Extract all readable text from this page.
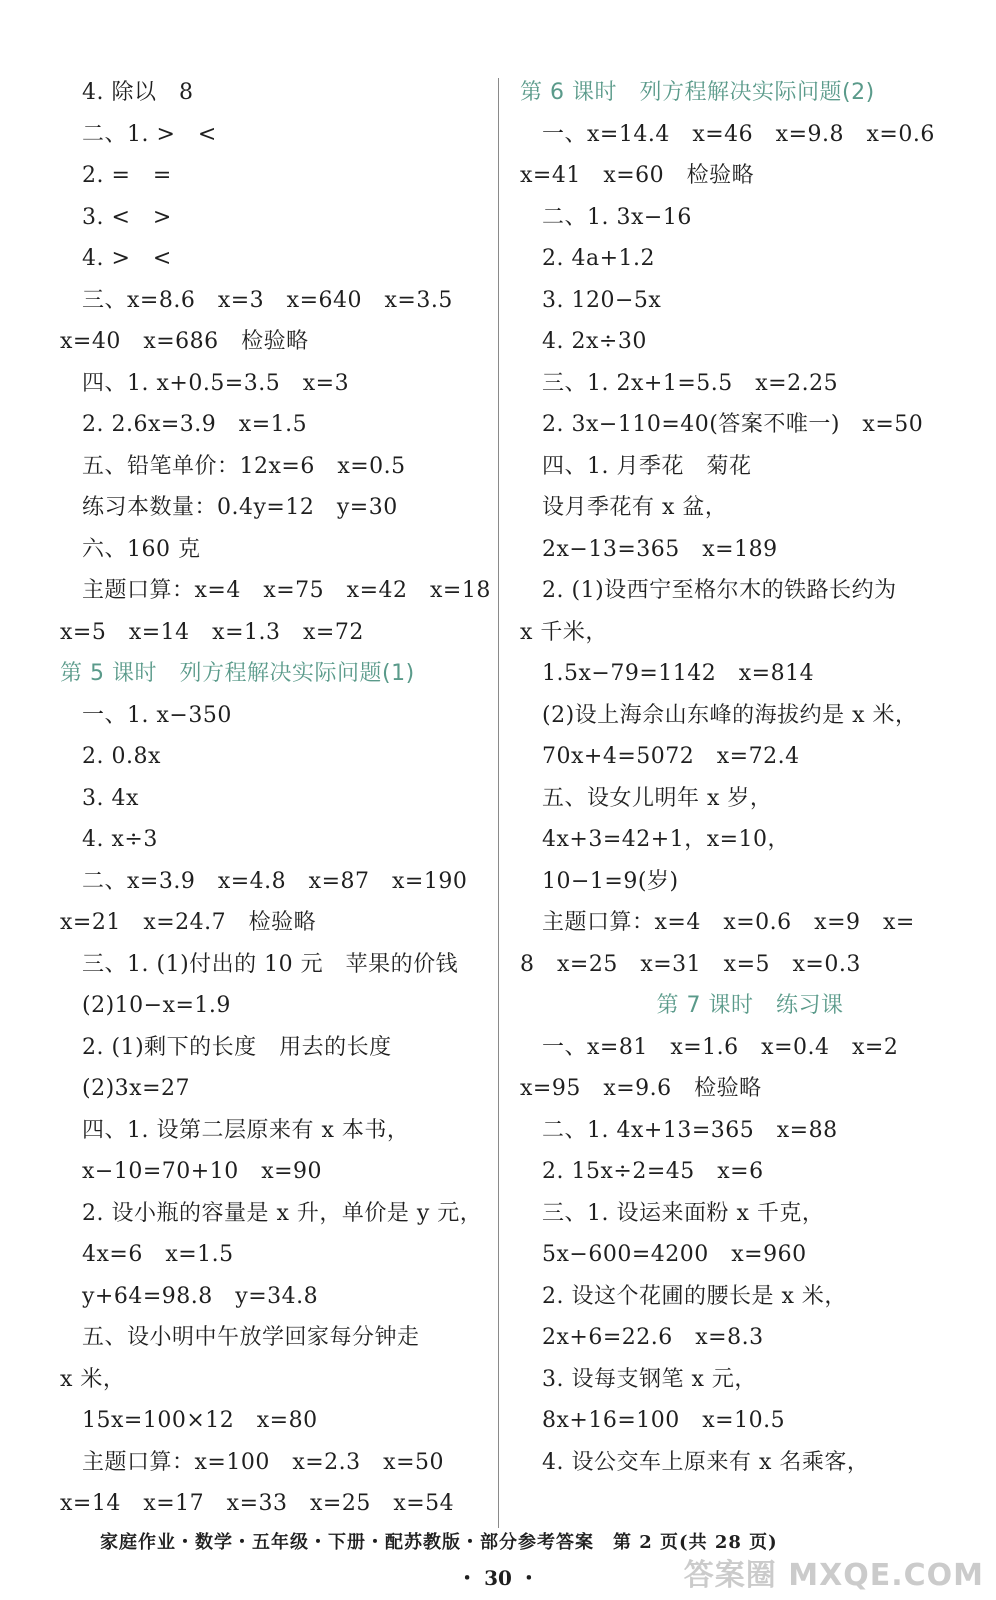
4. 除以　8
二、1. >　<
2. =　=
3. <　>
4. >　<
三、x=8.6　x=3　x=640　x=3.5
x=40　x=686　检验略
四、1. x+0.5=3.5　x=3
2. 2.6x=3.9　x=1.5
五、铅笔单价：12x=6　x=0.5
练习本数量：0.4y=12　y=30
六、160 克
主题口算：x=4　x=75　x=42　x=18
x=5　x=14　x=1.3　x=72
第 5 课时　列方程解决实际问题(1)
一、1. x−350
2. 0.8x
3. 4x
4. x÷3
二、x=3.9　x=4.8　x=87　x=190
x=21　x=24.7　检验略
三、1. (1)付出的 10 元　苹果的价钱
(2)10−x=1.9
2. (1)剩下的长度　用去的长度
(2)3x=27
四、1. 设第二层原来有 x 本书，
x−10=70+10　x=90
2. 设小瓶的容量是 x 升，单价是 y 元，
4x=6　x=1.5
y+64=98.8　y=34.8
五、设小明中午放学回家每分钟走
x 米，
15x=100×12　x=80
主题口算：x=100　x=2.3　x=50
x=14　x=17　x=33　x=25　x=54
第 6 课时　列方程解决实际问题(2)
一、x=14.4　x=46　x=9.8　x=0.6
x=41　x=60　检验略
二、1. 3x−16
2. 4a+1.2
3. 120−5x
4. 2x÷30
三、1. 2x+1=5.5　x=2.25
2. 3x−110=40(答案不唯一)　x=50
四、1. 月季花　菊花
设月季花有 x 盆，
2x−13=365　x=189
2. (1)设西宁至格尔木的铁路长约为
x 千米，
1.5x−79=1142　x=814
(2)设上海佘山东峰的海拔约是 x 米，
70x+4=5072　x=72.4
五、设女儿明年 x 岁，
4x+3=42+1，x=10，
10−1=9(岁)
主题口算：x=4　x=0.6　x=9　x=
8　x=25　x=31　x=5　x=0.3
第 7 课时　练习课
一、x=81　x=1.6　x=0.4　x=2
x=95　x=9.6　检验略
二、1. 4x+13=365　x=88
2. 15x÷2=45　x=6
三、1. 设运来面粉 x 千克，
5x−600=4200　x=960
2. 设这个花圃的腰长是 x 米，
2x+6=22.6　x=8.3
3. 设每支钢笔 x 元，
8x+16=100　x=10.5
4. 设公交车上原来有 x 名乘客，
家庭作业・数学・五年级・下册・配苏教版・部分参考答案　第 2 页(共 28 页)
・ 30 ・	答案圈 MXQE.COM
